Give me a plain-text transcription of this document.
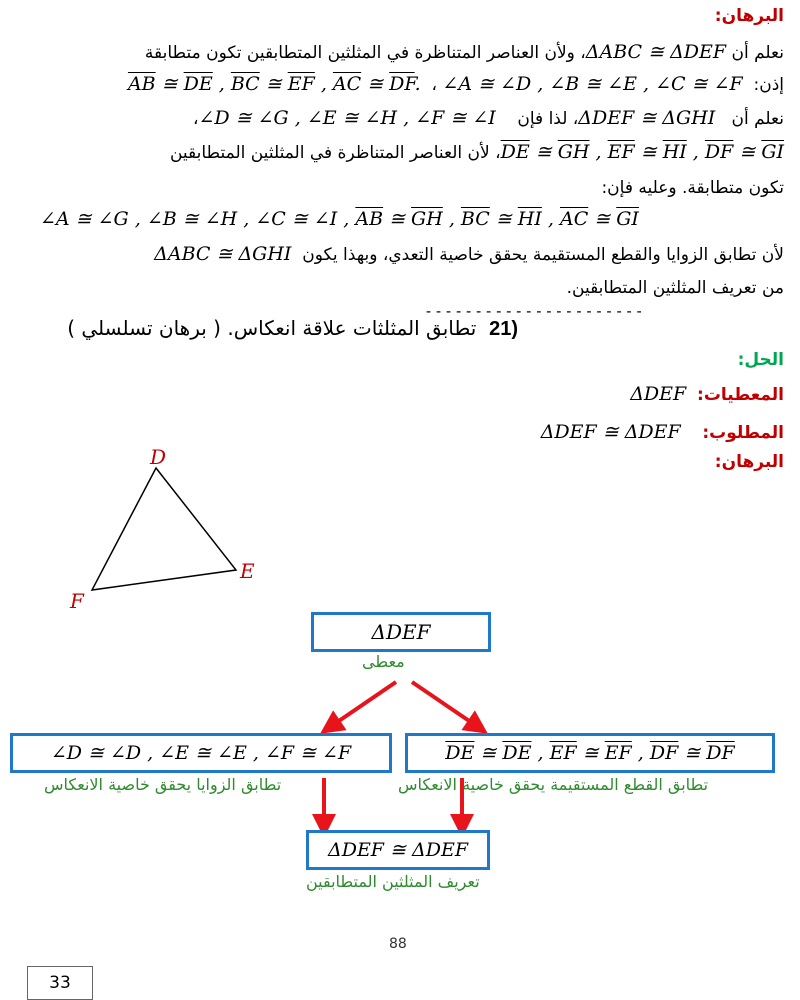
البرهان:
نعلم أن ΔABC ≅ ΔDEF، ولأن العناصر المتناظرة في المثلثين المتطابقين تكون متطابقة
إذن:  ∠A ≅ ∠D , ∠B ≅ ∠E , ∠C ≅ ∠F ،  $\overline{AB}$ ≅ $\overline{DE}$ , $\overline{BC}$ ≅ $\overline{EF}$ , $\overline{AC}$ ≅ $\overline{DF}$.
نعلم أن   ΔDEF ≅ ΔGHI، لذا فإن    ∠D ≅ ∠G , ∠E ≅ ∠H , ∠F ≅ ∠I،
$\overline{DE}$ ≅ $\overline{GH}$ , $\overline{EF}$ ≅ $\overline{HI}$ , $\overline{DF}$ ≅ $\overline{GI}،$ لأن العناصر المتناظرة في المثلثين المتطابقين
تكون متطابقة. وعليه فإن:
∠A ≅ ∠G , ∠B ≅ ∠H , ∠C ≅ ∠I , $\overline{AB}$ ≅ $\overline{GH}$ , $\overline{BC}$ ≅ $\overline{HI}$ , $\overline{AC}$ ≅ $\overline{GI}$
لأن تطابق الزوايا والقطع المستقيمة يحقق خاصية التعدي، وبهذا يكون  ΔABC ≅ ΔGHI
من تعريف المثلثين المتطابقين.
----------------------
21)  تطابق المثلثات علاقة انعكاس. ( برهان تسلسلي )
الحل:
المعطيات:  ΔDEF
المطلوب:    ΔDEF ≅ ΔDEF
البرهان:
D
E
F
ΔDEF
معطى
∠D ≅ ∠D , ∠E ≅ ∠E , ∠F ≅ ∠F
تطابق الزوايا يحقق خاصية الانعكاس
$\overline{DE}$ ≅ $\overline{DE}$ , $\overline{EF}$ ≅ $\overline{EF}$ , $\overline{DF}$ ≅ $\overline{DF}$
تطابق القطع المستقيمة يحقق خاصية الانعكاس
ΔDEF ≅ ΔDEF
تعريف المثلثين المتطابقين
88
33
